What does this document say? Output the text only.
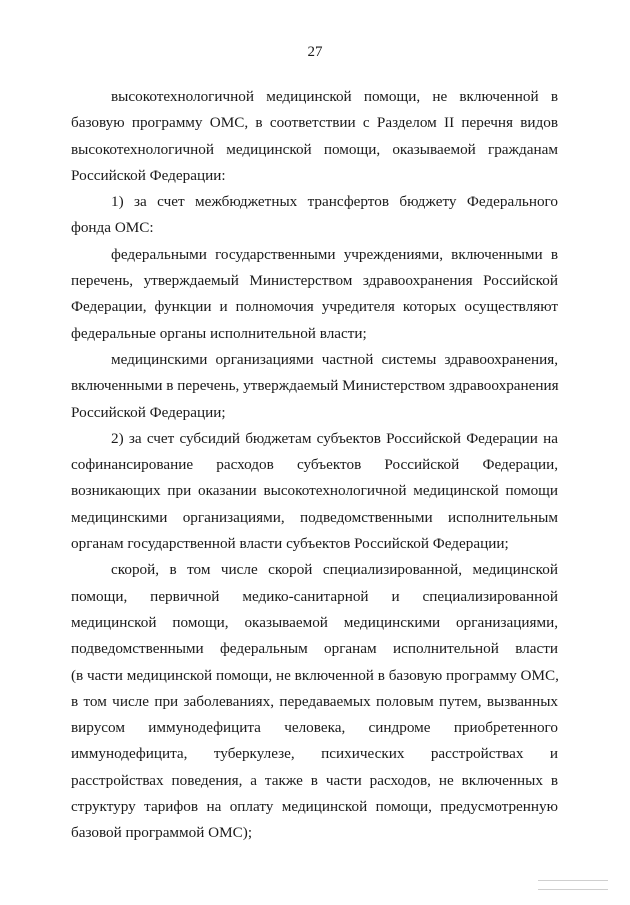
27
высокотехнологичной медицинской помощи, не включенной в
базовую программу ОМС, в соответствии с Разделом II перечня видов
высокотехнологичной медицинской помощи, оказываемой гражданам
Российской Федерации:
1) за счет межбюджетных трансфертов бюджету Федерального
фонда ОМС:
федеральными государственными учреждениями, включенными в
перечень, утверждаемый Министерством здравоохранения Российской
Федерации, функции и полномочия учредителя которых осуществляют
федеральные органы исполнительной власти;
медицинскими организациями частной системы здравоохранения,
включенными в перечень, утверждаемый Министерством здравоохранения
Российской Федерации;
2) за счет субсидий бюджетам субъектов Российской Федерации на
софинансирование расходов субъектов Российской Федерации,
возникающих при оказании высокотехнологичной медицинской помощи
медицинскими организациями, подведомственными исполнительным
органам государственной власти субъектов Российской Федерации;
скорой, в том числе скорой специализированной, медицинской
помощи, первичной медико-санитарной и специализированной
медицинской помощи, оказываемой медицинскими организациями,
подведомственными федеральным органам исполнительной власти
(в части медицинской помощи, не включенной в базовую программу ОМС,
в том числе при заболеваниях, передаваемых половым путем, вызванных
вирусом иммунодефицита человека, синдроме приобретенного
иммунодефицита, туберкулезе, психических расстройствах и
расстройствах поведения, а также в части расходов, не включенных в
структуру тарифов на оплату медицинской помощи, предусмотренную
базовой программой ОМС);
